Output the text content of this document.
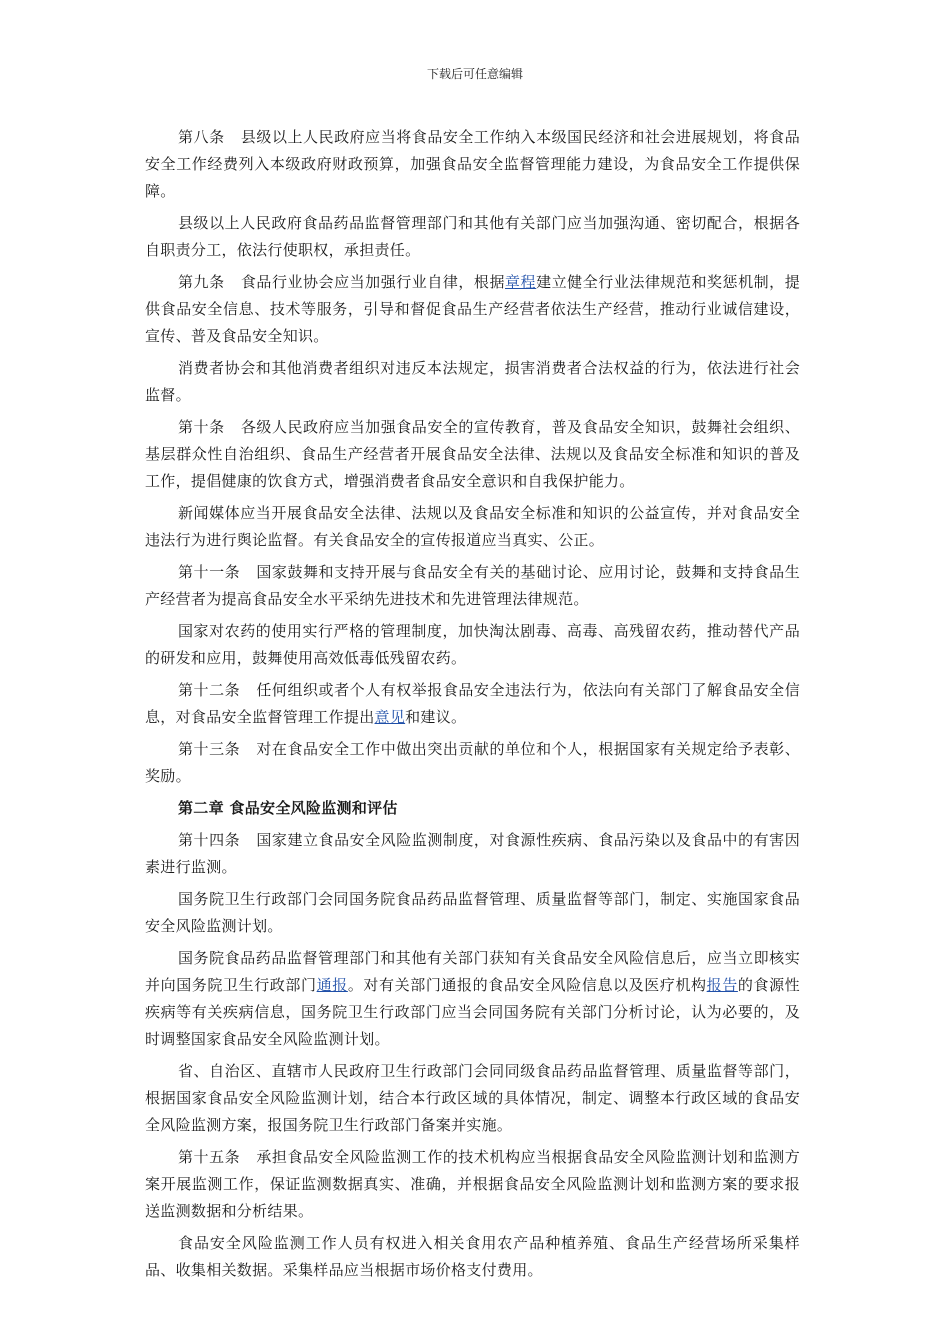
下载后可任意编辑

第八条 县级以上人民政府应当将食品安全工作纳入本级国民经济和社会进展规划，将食品安全工作经费列入本级政府财政预算，加强食品安全监督管理能力建设，为食品安全工作提供保障。

县级以上人民政府食品药品监督管理部门和其他有关部门应当加强沟通、密切配合，根据各自职责分工，依法行使职权，承担责任。

第九条 食品行业协会应当加强行业自律，根据章程建立健全行业法律规范和奖惩机制，提供食品安全信息、技术等服务，引导和督促食品生产经营者依法生产经营，推动行业诚信建设，宣传、普及食品安全知识。

消费者协会和其他消费者组织对违反本法规定，损害消费者合法权益的行为，依法进行社会监督。

第十条 各级人民政府应当加强食品安全的宣传教育，普及食品安全知识，鼓舞社会组织、基层群众性自治组织、食品生产经营者开展食品安全法律、法规以及食品安全标准和知识的普及工作，提倡健康的饮食方式，增强消费者食品安全意识和自我保护能力。

新闻媒体应当开展食品安全法律、法规以及食品安全标准和知识的公益宣传，并对食品安全违法行为进行舆论监督。有关食品安全的宣传报道应当真实、公正。

第十一条 国家鼓舞和支持开展与食品安全有关的基础讨论、应用讨论，鼓舞和支持食品生产经营者为提高食品安全水平采纳先进技术和先进管理法律规范。

国家对农药的使用实行严格的管理制度，加快淘汰剧毒、高毒、高残留农药，推动替代产品的研发和应用，鼓舞使用高效低毒低残留农药。

第十二条 任何组织或者个人有权举报食品安全违法行为，依法向有关部门了解食品安全信息，对食品安全监督管理工作提出意见和建议。

第十三条 对在食品安全工作中做出突出贡献的单位和个人，根据国家有关规定给予表彰、奖励。

第二章 食品安全风险监测和评估

第十四条 国家建立食品安全风险监测制度，对食源性疾病、食品污染以及食品中的有害因素进行监测。

国务院卫生行政部门会同国务院食品药品监督管理、质量监督等部门，制定、实施国家食品安全风险监测计划。

国务院食品药品监督管理部门和其他有关部门获知有关食品安全风险信息后，应当立即核实并向国务院卫生行政部门通报。对有关部门通报的食品安全风险信息以及医疗机构报告的食源性疾病等有关疾病信息，国务院卫生行政部门应当会同国务院有关部门分析讨论，认为必要的，及时调整国家食品安全风险监测计划。

省、自治区、直辖市人民政府卫生行政部门会同同级食品药品监督管理、质量监督等部门，根据国家食品安全风险监测计划，结合本行政区域的具体情况，制定、调整本行政区域的食品安全风险监测方案，报国务院卫生行政部门备案并实施。

第十五条 承担食品安全风险监测工作的技术机构应当根据食品安全风险监测计划和监测方案开展监测工作，保证监测数据真实、准确，并根据食品安全风险监测计划和监测方案的要求报送监测数据和分析结果。

食品安全风险监测工作人员有权进入相关食用农产品种植养殖、食品生产经营场所采集样品、收集相关数据。采集样品应当根据市场价格支付费用。
